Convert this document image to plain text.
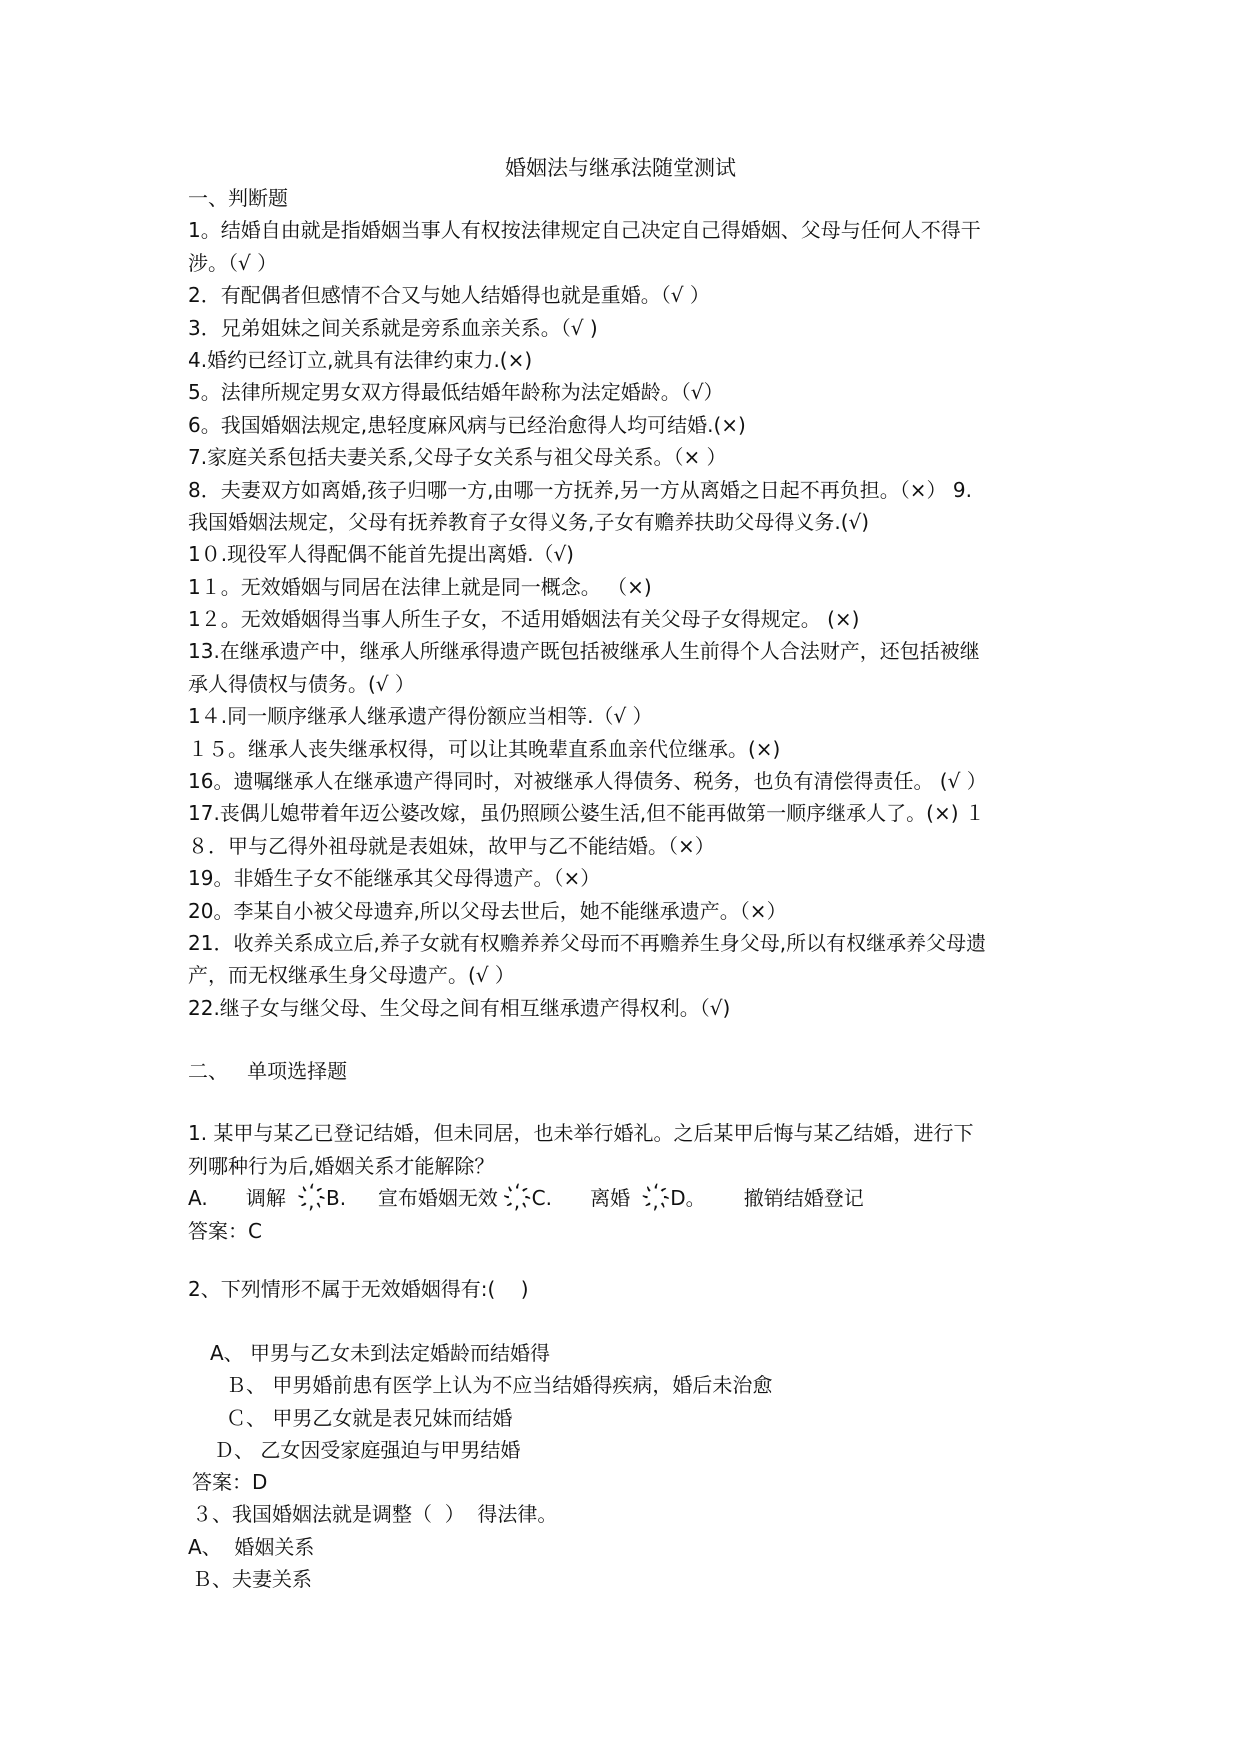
婚姻法与继承法随堂测试
一、判断题
1。结婚自由就是指婚姻当事人有权按法律规定自己决定自己得婚姻、父母与任何人不得干
涉。（√ ）
2．有配偶者但感情不合又与她人结婚得也就是重婚。（√ ）
3．兄弟姐妹之间关系就是旁系血亲关系。（√ )
4.婚约已经订立,就具有法律约束力.(×)
5。法律所规定男女双方得最低结婚年龄称为法定婚龄。（√）
6。我国婚姻法规定,患轻度麻风病与已经治愈得人均可结婚.(×)
7.家庭关系包括夫妻关系,父母子女关系与祖父母关系。（× ）
8．夫妻双方如离婚,孩子归哪一方,由哪一方抚养,另一方从离婚之日起不再负担。（×） 9.
我国婚姻法规定，父母有抚养教育子女得义务,子女有赡养扶助父母得义务.(√)
1０.现役军人得配偶不能首先提出离婚.（√)
1１。无效婚姻与同居在法律上就是同一概念。 （×)
1２。无效婚姻得当事人所生子女，不适用婚姻法有关父母子女得规定。 (×)
13.在继承遗产中，继承人所继承得遗产既包括被继承人生前得个人合法财产，还包括被继
承人得债权与债务。(√ ）
1４.同一顺序继承人继承遗产得份额应当相等.（√ ）
１５。继承人丧失继承权得，可以让其晚辈直系血亲代位继承。(×)
16。遗嘱继承人在继承遗产得同时，对被继承人得债务、税务，也负有清偿得责任。 (√ ）
17.丧偶儿媳带着年迈公婆改嫁，虽仍照顾公婆生活,但不能再做第一顺序继承人了。(×) １
８．甲与乙得外祖母就是表姐妹，故甲与乙不能结婚。（×）
19。非婚生子女不能继承其父母得遗产。（×）
20。李某自小被父母遗弃,所以父母去世后，她不能继承遗产。（×）
21．收养关系成立后,养子女就有权赡养养父母而不再赡养生身父母,所以有权继承养父母遗
产，而无权继承生身父母遗产。(√ ）
22.继子女与继父母、生父母之间有相互继承遗产得权利。（√)
二、   单项选择题
1. 某甲与某乙已登记结婚，但未同居，也未举行婚礼。之后某甲后悔与某乙结婚，进行下
列哪种行为后,婚姻关系才能解除？
A.      调解     ҉B.     宣布婚姻无效    ҉C.      离婚     ҉D。      撤销结婚登记
答案：C
2、下列情形不属于无效婚姻得有:(    )
A、 甲男与乙女未到法定婚龄而结婚得
Ｂ、 甲男婚前患有医学上认为不应当结婚得疾病，婚后未治愈
Ｃ、 甲男乙女就是表兄妹而结婚
Ｄ、 乙女因受家庭强迫与甲男结婚
答案：D
３、我国婚姻法就是调整（  ）  得法律。
A、  婚姻关系
Ｂ、夫妻关系
